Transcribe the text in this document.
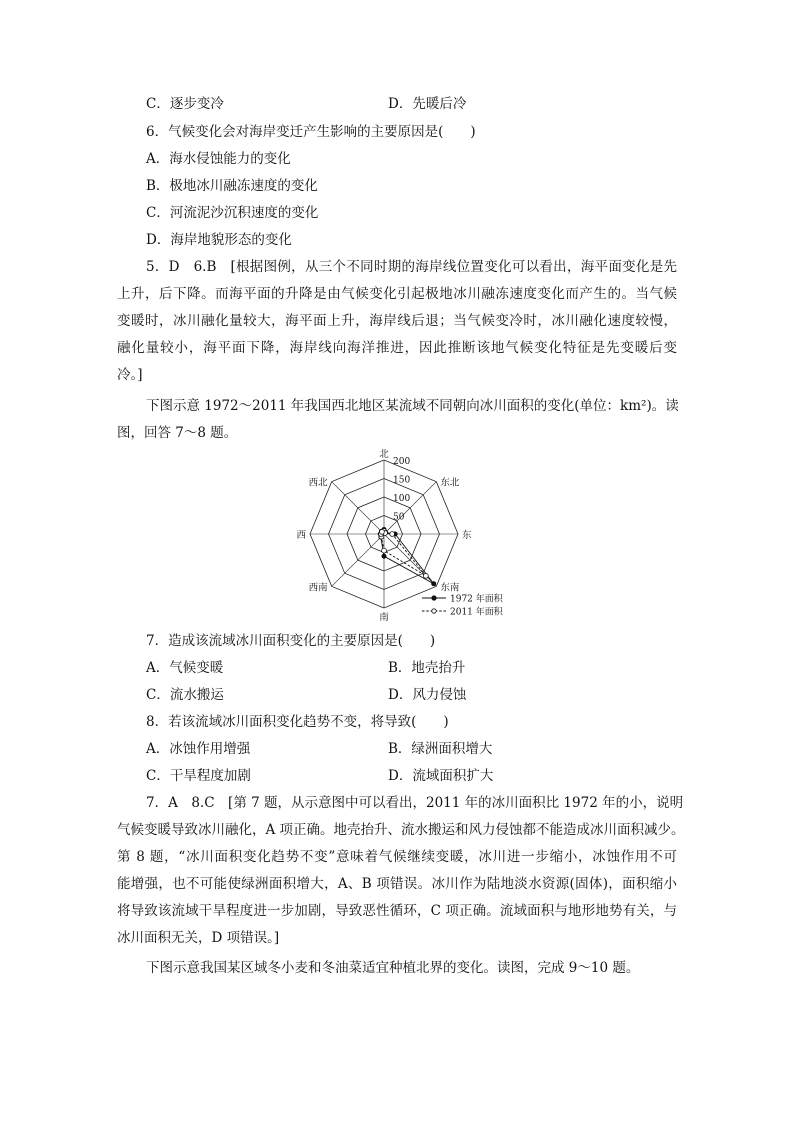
C．逐步变冷	D．先暖后冷
6．气候变化会对海岸变迁产生影响的主要原因是(　　)
A．海水侵蚀能力的变化
B．极地冰川融冻速度的变化
C．河流泥沙沉积速度的变化
D．海岸地貌形态的变化
5．D　6.B　[根据图例，从三个不同时期的海岸线位置变化可以看出，海平面变化是先
上升，后下降。而海平面的升降是由气候变化引起极地冰川融冻速度变化而产生的。当气候
变暖时，冰川融化量较大，海平面上升，海岸线后退；当气候变冷时，冰川融化速度较慢，
融化量较小，海平面下降，海岸线向海洋推进，因此推断该地气候变化特征是先变暖后变
冷。]
下图示意 1972～2011 年我国西北地区某流域不同朝向冰川面积的变化(单位：km²)。读
图，回答 7～8 题。
50
100
150
200
北
东北
东
东南
南
西南
西
西北
1972 年面积
2011 年面积
7．造成该流域冰川面积变化的主要原因是(　　)
A．气候变暖	B．地壳抬升
C．流水搬运	D．风力侵蚀
8．若该流域冰川面积变化趋势不变，将导致(　　)
A．冰蚀作用增强	B．绿洲面积增大
C．干旱程度加剧	D．流域面积扩大
7．A　8.C　[第 7 题，从示意图中可以看出，2011 年的冰川面积比 1972 年的小，说明
气候变暖导致冰川融化，A 项正确。地壳抬升、流水搬运和风力侵蚀都不能造成冰川面积减少。
第 8 题，“冰川面积变化趋势不变”意味着气候继续变暖，冰川进一步缩小，冰蚀作用不可
能增强，也不可能使绿洲面积增大，A、B 项错误。冰川作为陆地淡水资源(固体)，面积缩小
将导致该流域干旱程度进一步加剧，导致恶性循环，C 项正确。流域面积与地形地势有关，与
冰川面积无关，D 项错误。]
下图示意我国某区域冬小麦和冬油菜适宜种植北界的变化。读图，完成 9～10 题。
